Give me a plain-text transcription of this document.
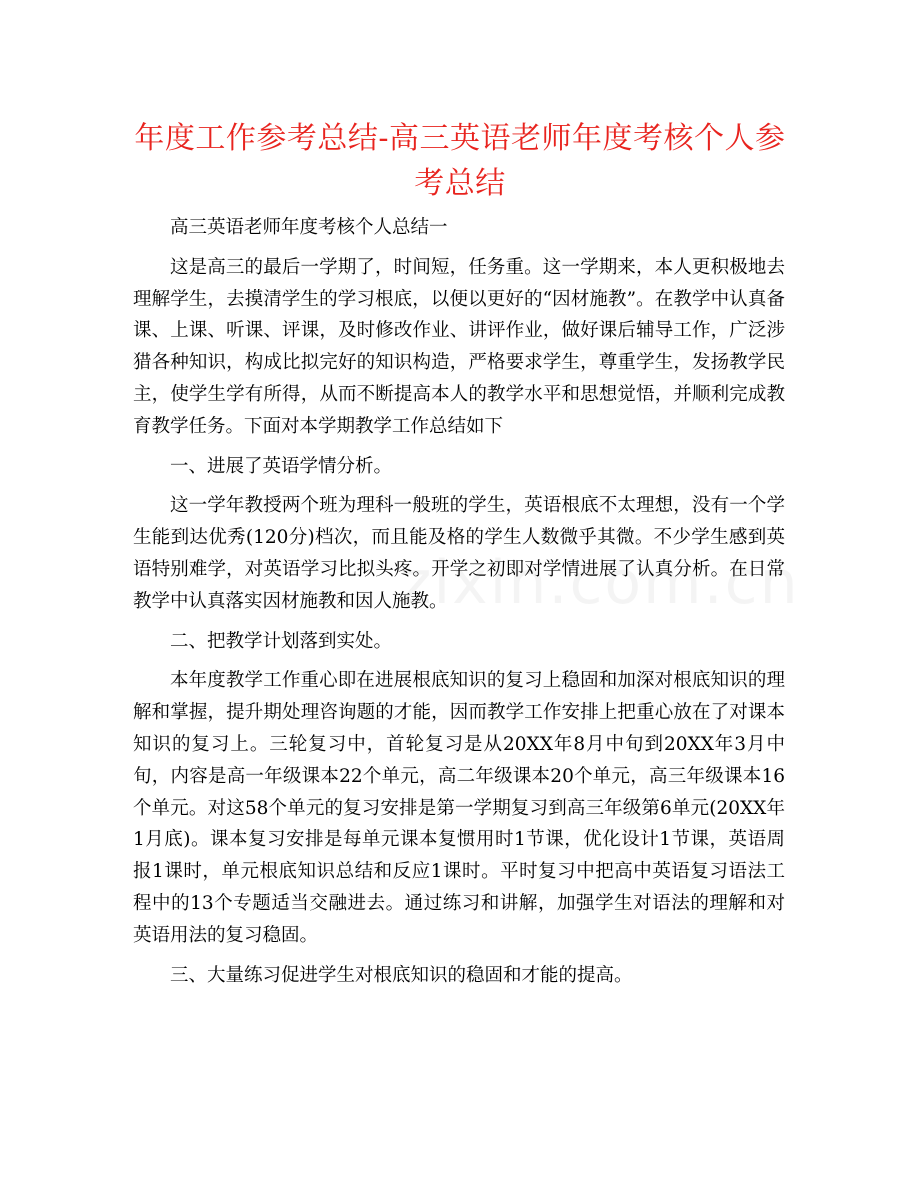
年度工作参考总结-高三英语老师年度考核个人参考总结

高三英语老师年度考核个人总结一

这是高三的最后一学期了，时间短，任务重。这一学期来，本人更积极地去理解学生，去摸清学生的学习根底，以便以更好的“因材施教”。在教学中认真备课、上课、听课、评课，及时修改作业、讲评作业，做好课后辅导工作，广泛涉猎各种知识，构成比拟完好的知识构造，严格要求学生，尊重学生，发扬教学民主，使学生学有所得，从而不断提高本人的教学水平和思想觉悟，并顺利完成教育教学任务。下面对本学期教学工作总结如下

一、进展了英语学情分析。

这一学年教授两个班为理科一般班的学生，英语根底不太理想，没有一个学生能到达优秀(120分)档次，而且能及格的学生人数微乎其微。不少学生感到英语特别难学，对英语学习比拟头疼。开学之初即对学情进展了认真分析。在日常教学中认真落实因材施教和因人施教。

二、把教学计划落到实处。

本年度教学工作重心即在进展根底知识的复习上稳固和加深对根底知识的理解和掌握，提升期处理咨询题的才能，因而教学工作安排上把重心放在了对课本知识的复习上。三轮复习中，首轮复习是从20XX年8月中旬到20XX年3月中旬，内容是高一年级课本22个单元，高二年级课本20个单元，高三年级课本16个单元。对这58个单元的复习安排是第一学期复习到高三年级第6单元(20XX年1月底)。课本复习安排是每单元课本复惯用时1节课，优化设计1节课，英语周报1课时，单元根底知识总结和反应1课时。平时复习中把高中英语复习语法工程中的13个专题适当交融进去。通过练习和讲解，加强学生对语法的理解和对英语用法的复习稳固。

三、大量练习促进学生对根底知识的稳固和才能的提高。
